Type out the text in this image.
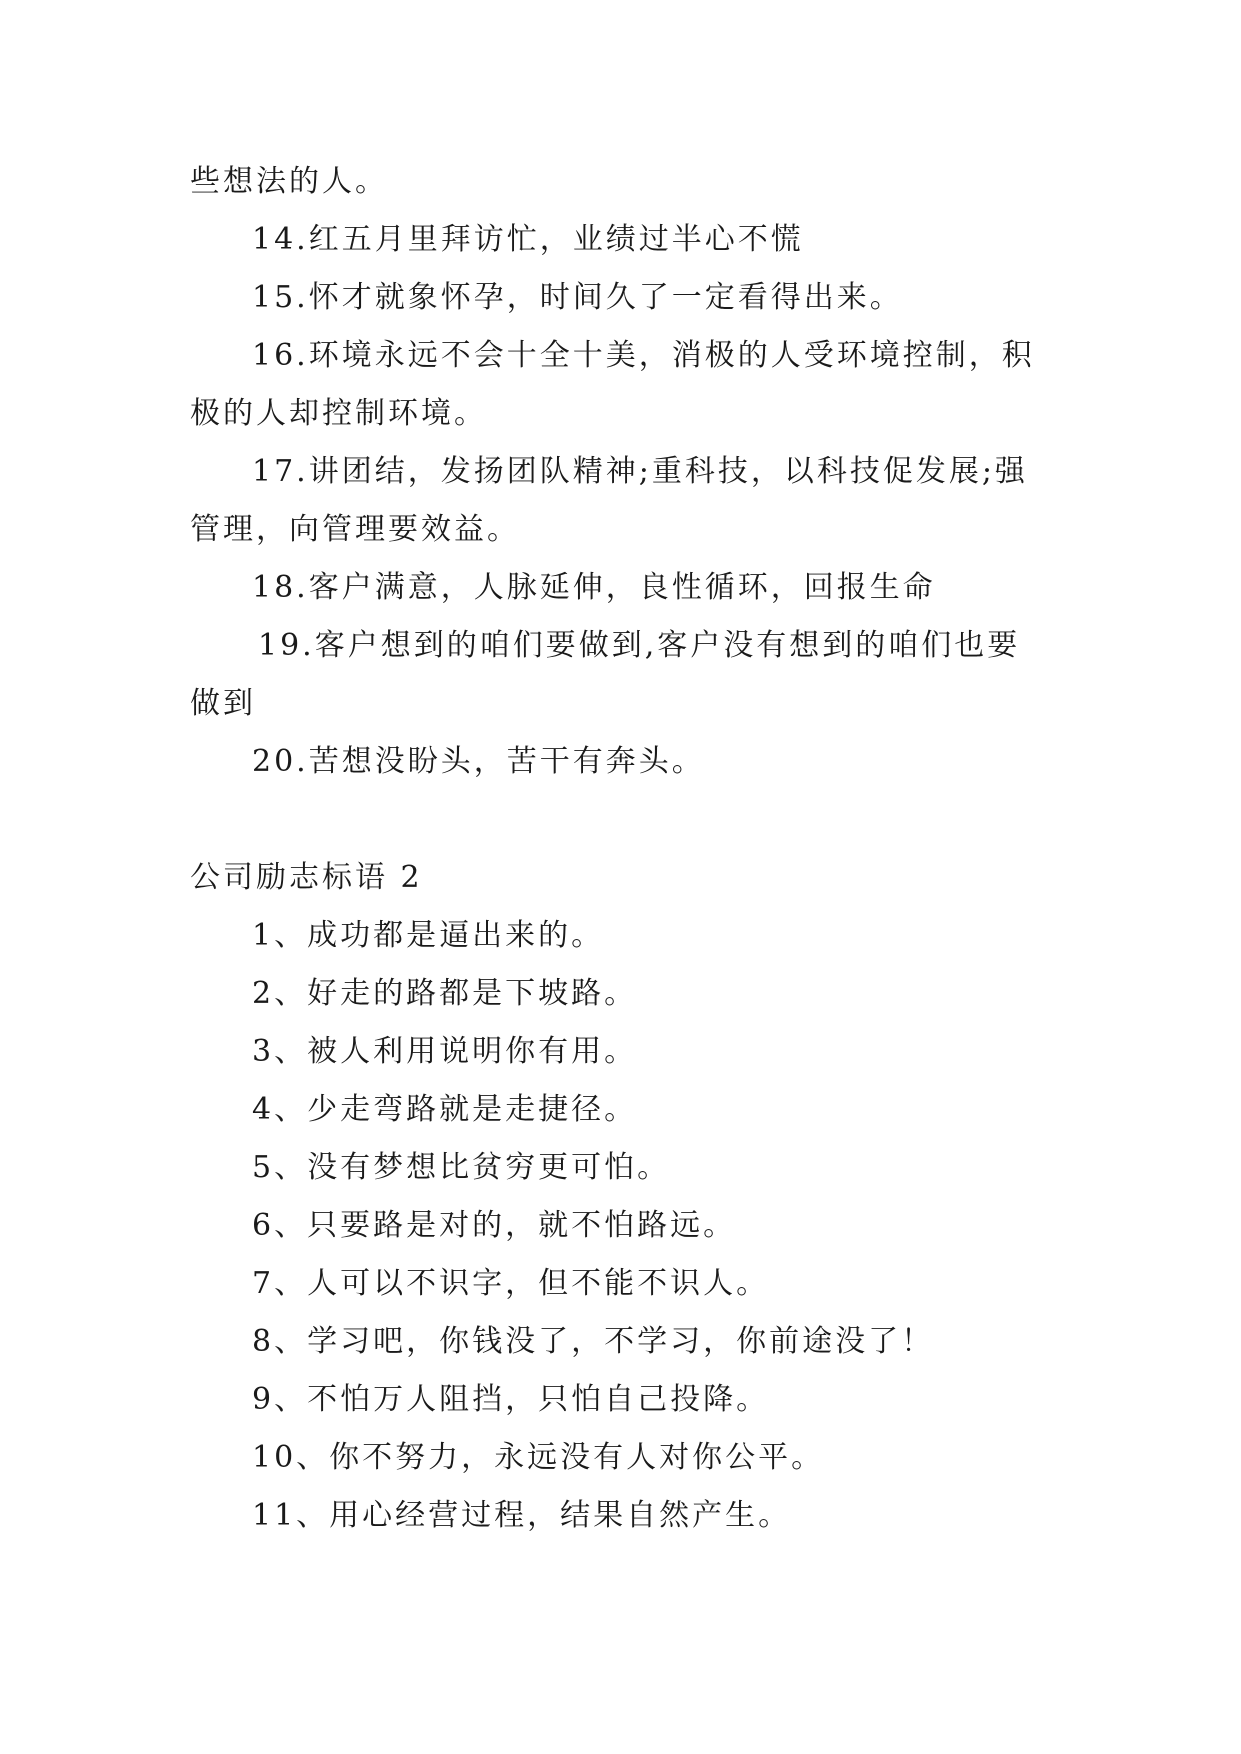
些想法的人。
14.红五月里拜访忙，业绩过半心不慌
15.怀才就象怀孕，时间久了一定看得出来。
16.环境永远不会十全十美，消极的人受环境控制，积
极的人却控制环境。
17.讲团结，发扬团队精神;重科技，以科技促发展;强
管理，向管理要效益。
18.客户满意，人脉延伸，良性循环，回报生命
19.客户想到的咱们要做到,客户没有想到的咱们也要
做到
20.苦想没盼头，苦干有奔头。
公司励志标语 2
1、成功都是逼出来的。
2、好走的路都是下坡路。
3、被人利用说明你有用。
4、少走弯路就是走捷径。
5、没有梦想比贫穷更可怕。
6、只要路是对的，就不怕路远。
7、人可以不识字，但不能不识人。
8、学习吧，你钱没了，不学习，你前途没了！
9、不怕万人阻挡，只怕自己投降。
10、你不努力，永远没有人对你公平。
11、用心经营过程，结果自然产生。
